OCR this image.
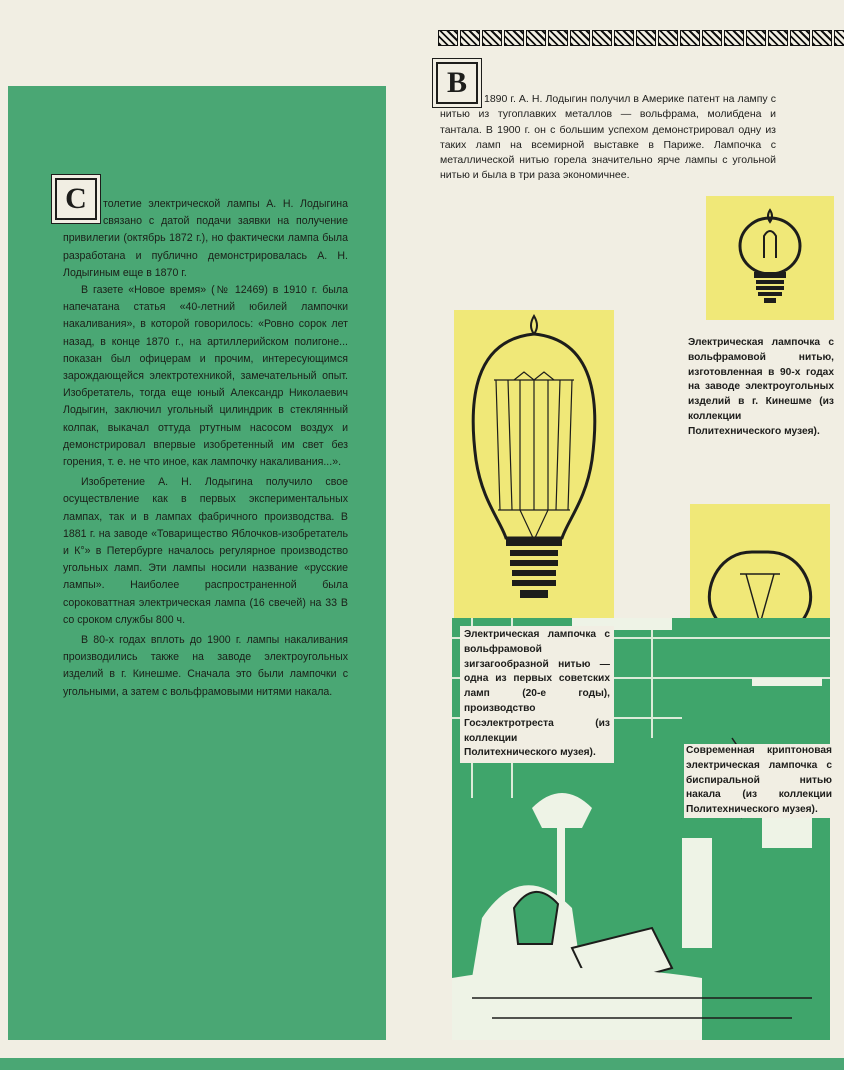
С	толетие электрической лампы А. Н. Лодыгина связано с датой подачи заявки на получение привилегии (октябрь 1872 г.), но фактически лампа была разработана и публично демонстрировалась А. Н. Лодыгиным еще в 1870 г.

В газете «Новое время» (№ 12469) в 1910 г. была напечатана статья «40-летний юбилей лампочки накаливания», в которой говорилось: «Ровно сорок лет назад, в конце 1870 г., на артиллерийском полигоне... показан был офицерам и прочим, интересующимся зарождающейся электротехникой, замечательный опыт. Изобретатель, тогда еще юный Александр Николаевич Лодыгин, заключил угольный цилиндрик в стеклянный колпак, выкачал оттуда ртутным насосом воздух и демонстрировал впервые изобретенный им свет без горения, т. е. не что иное, как лампочку накаливания...».

Изобретение А. Н. Лодыгина получило свое осуществление как в первых экспериментальных лампах, так и в лампах фабричного производства. В 1881 г. на заводе «Товарищество Яблочков-изобретатель и К°» в Петербурге началось регулярное производство угольных ламп. Эти лампы носили название «русские лампы». Наиболее распространенной была сороковаттная электрическая лампа (16 свечей) на 33 В со сроком службы 800 ч.

В 80-х годах вплоть до 1900 г. лампы накаливания производились также на заводе электроугольных изделий в г. Кинешме. Сначала это были лампочки с угольными, а затем с вольфрамовыми нитями накала.

В	1890 г. А. Н. Лодыгин получил в Америке патент на лампу с нитью из тугоплавких металлов — вольфрама, молибдена и тантала. В 1900 г. он с большим успехом демонстрировал одну из таких ламп на всемирной выставке в Париже. Лампочка с металлической нитью горела значительно ярче лампы с угольной нитью и была в три раза экономичнее.
Электрическая лампочка с вольфрамовой нитью, изготовленная в 90-х годах на заводе электроугольных изделий в г. Кинешме (из коллекции Политехнического музея).
Электрическая лампочка с вольфрамовой зигзагообразной нитью — одна из первых советских ламп (20-е годы), производство Госэлектротреста (из коллекции Политехнического музея).	Современная криптоновая электрическая лампочка с биспиральной нитью накала (из коллекции Политехнического музея).
